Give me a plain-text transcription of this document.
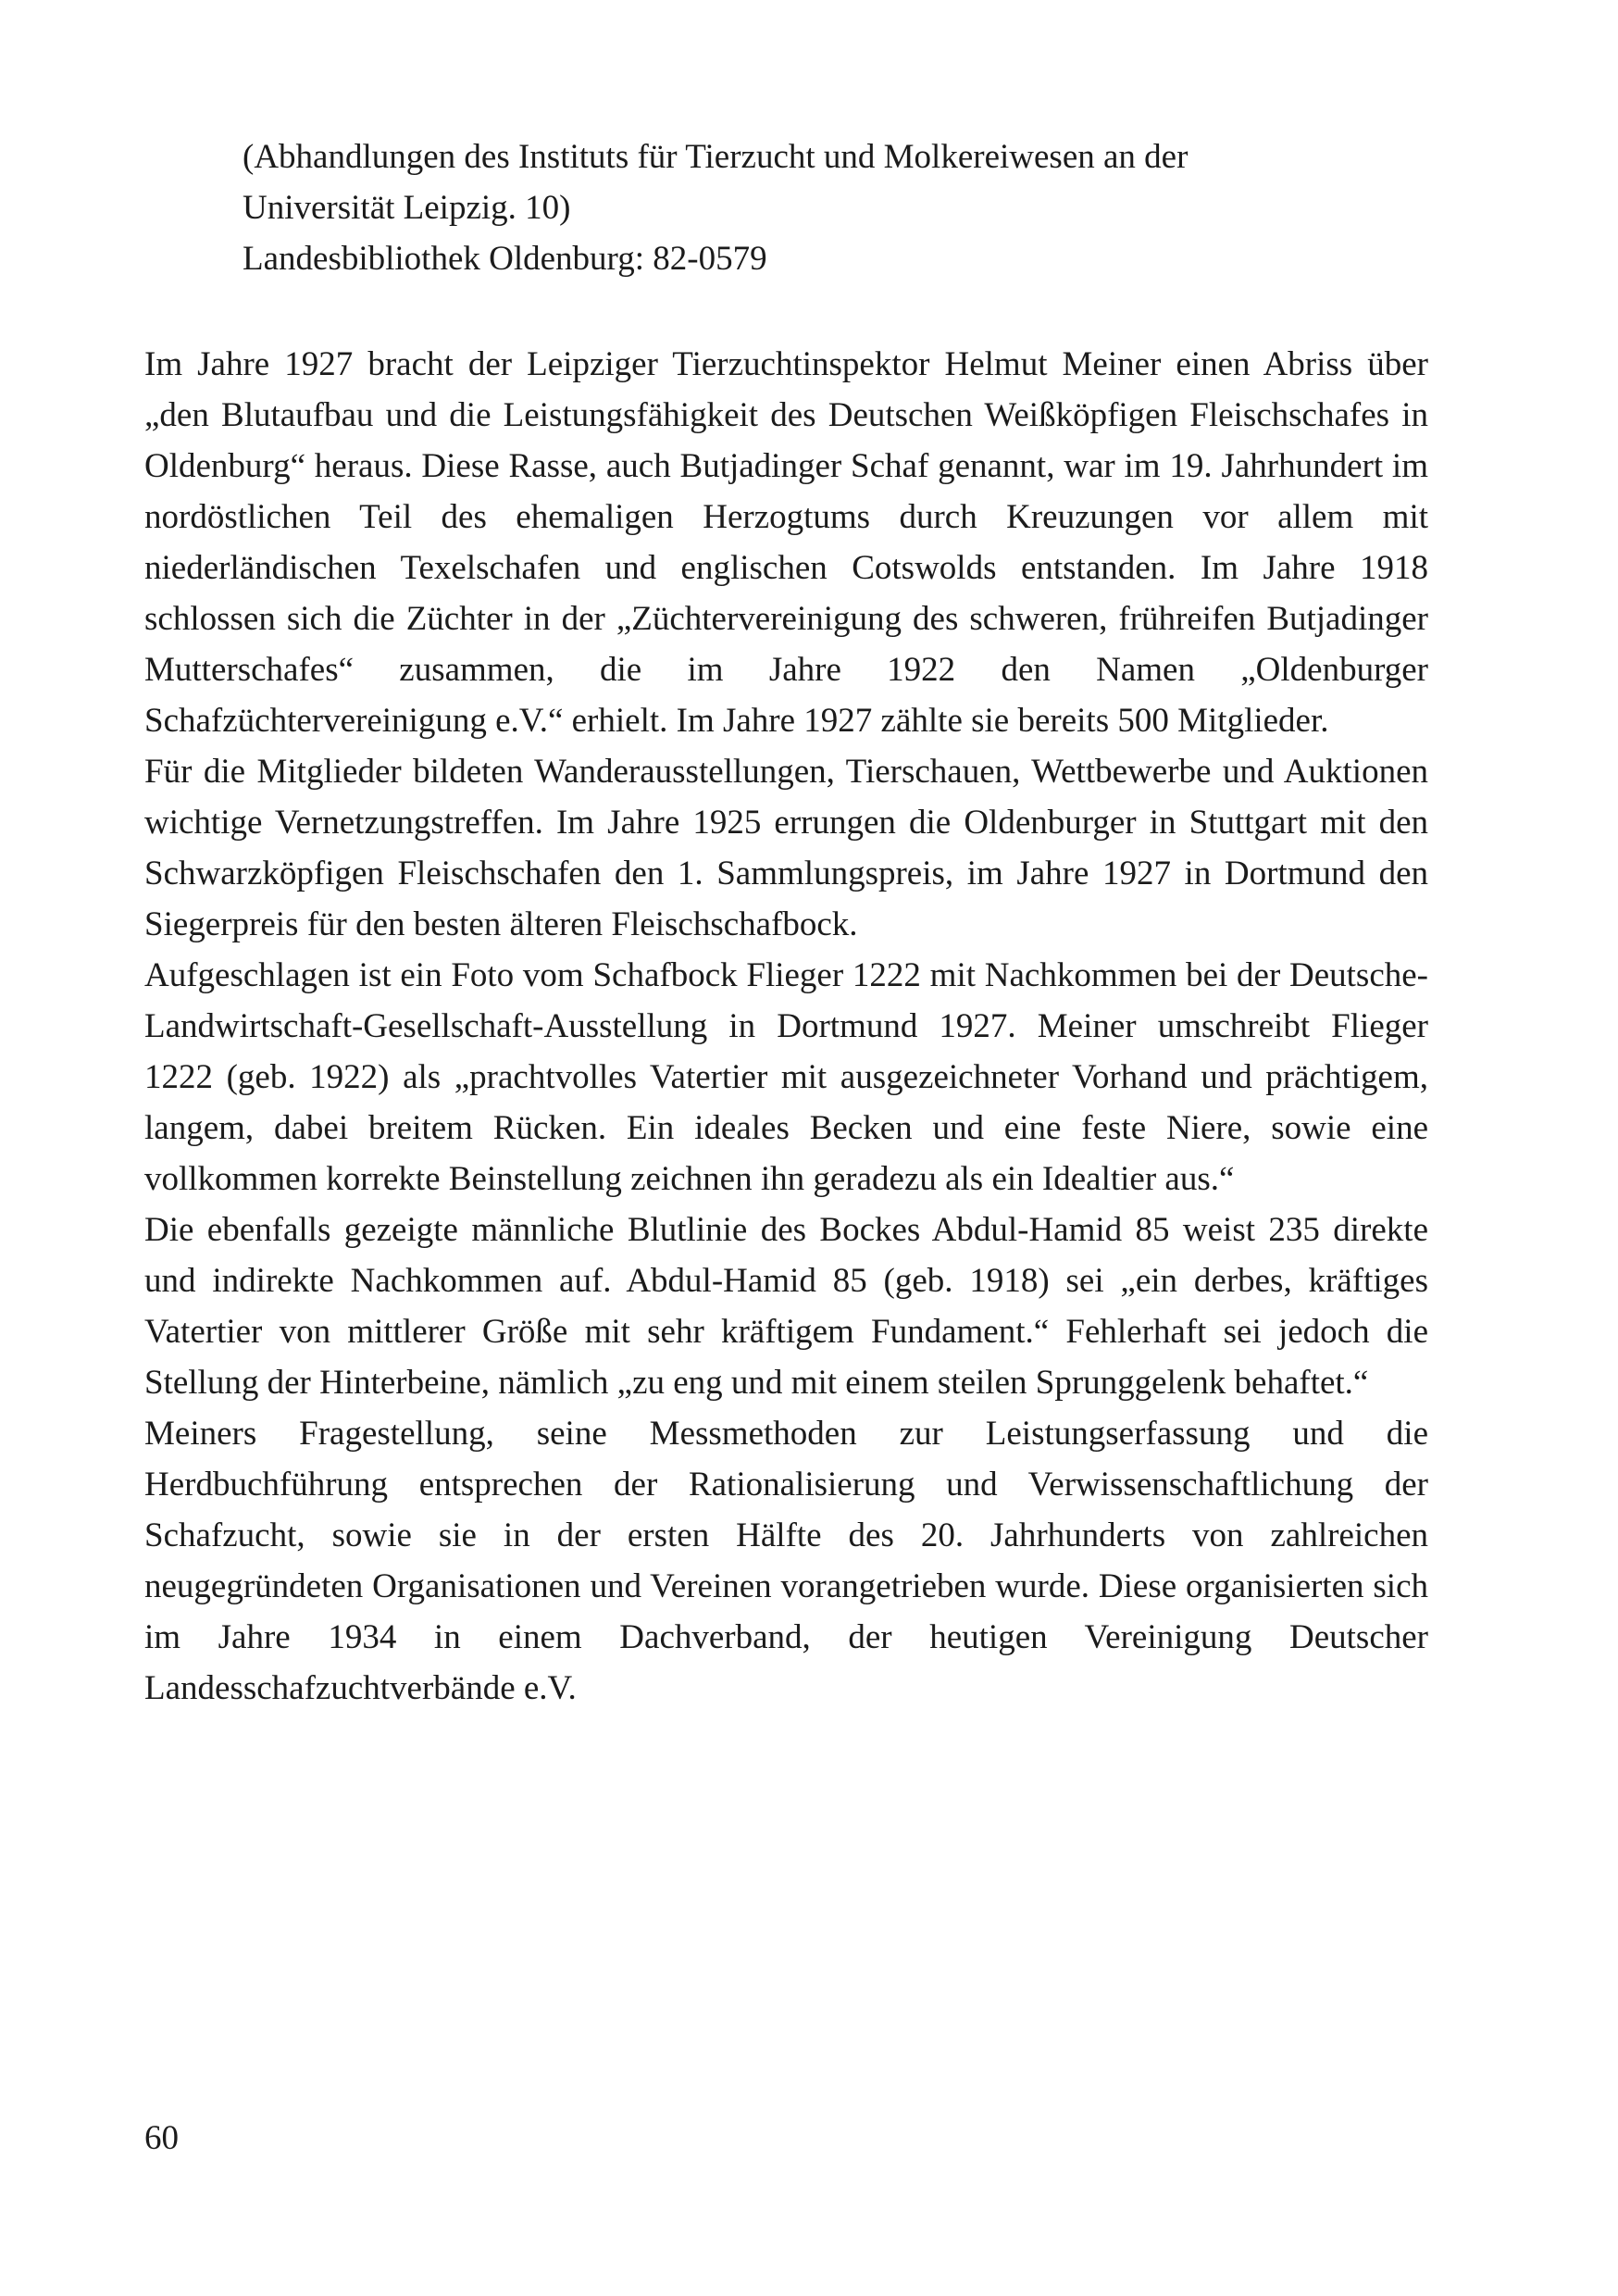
(Abhandlungen des Instituts für Tierzucht und Molkereiwesen an der
Universität Leipzig. 10)
Landesbibliothek Oldenburg: 82-0579

Im Jahre 1927 bracht der Leipziger Tierzuchtinspektor Helmut Meiner einen Abriss über „den Blutaufbau und die Leistungsfähigkeit des Deutschen Weißköpfigen Fleischschafes in Oldenburg“ heraus. Diese Rasse, auch Butjadinger Schaf genannt, war im 19. Jahrhundert im nordöstlichen Teil des ehemaligen Herzogtums durch Kreuzungen vor allem mit niederländischen Texelschafen und englischen Cotswolds entstanden. Im Jahre 1918 schlossen sich die Züchter in der „Züchtervereinigung des schweren, frühreifen Butjadinger Mutterschafes“ zusammen, die im Jahre 1922 den Namen „Oldenburger Schafzüchtervereinigung e.V.“ erhielt. Im Jahre 1927 zählte sie bereits 500 Mitglieder.

Für die Mitglieder bildeten Wanderausstellungen, Tierschauen, Wettbewerbe und Auktionen wichtige Vernetzungstreffen. Im Jahre 1925 errungen die Oldenburger in Stuttgart mit den Schwarzköpfigen Fleischschafen den 1. Sammlungspreis, im Jahre 1927 in Dortmund den Siegerpreis für den besten älteren Fleischschafbock.

Aufgeschlagen ist ein Foto vom Schafbock Flieger 1222 mit Nachkommen bei der Deutsche-Landwirtschaft-Gesellschaft-Ausstellung in Dortmund 1927. Meiner umschreibt Flieger 1222 (geb. 1922) als „prachtvolles Vatertier mit ausgezeichneter Vorhand und prächtigem, langem, dabei breitem Rücken. Ein ideales Becken und eine feste Niere, sowie eine vollkommen korrekte Beinstellung zeichnen ihn geradezu als ein Idealtier aus.“

Die ebenfalls gezeigte männliche Blutlinie des Bockes Abdul-Hamid 85 weist 235 direkte und indirekte Nachkommen auf. Abdul-Hamid 85 (geb. 1918) sei „ein derbes, kräftiges Vatertier von mittlerer Größe mit sehr kräftigem Fundament.“ Fehlerhaft sei jedoch die Stellung der Hinterbeine, nämlich „zu eng und mit einem steilen Sprunggelenk behaftet.“

Meiners Fragestellung, seine Messmethoden zur Leistungserfassung und die Herdbuchführung entsprechen der Rationalisierung und Verwissenschaftlichung der Schafzucht, sowie sie in der ersten Hälfte des 20. Jahrhunderts von zahlreichen neugegründeten Organisationen und Vereinen vorangetrieben wurde. Diese organisierten sich im Jahre 1934 in einem Dachverband, der heutigen Vereinigung Deutscher Landesschafzuchtverbände e.V.

60
